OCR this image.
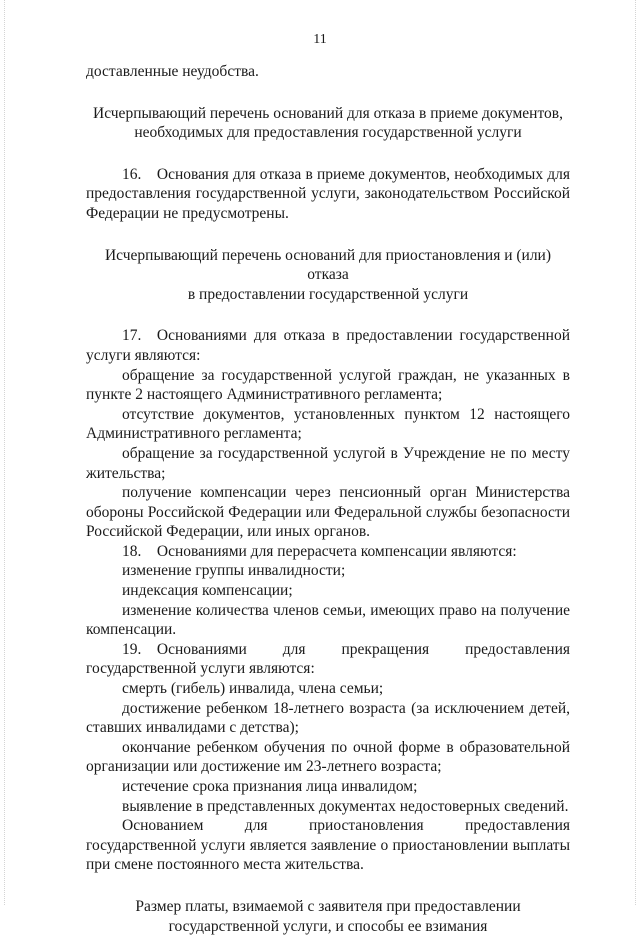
11

доставленные неудобства.

Исчерпывающий перечень оснований для отказа в приеме документов,
необходимых для предоставления государственной услуги

16. Основания для отказа в приеме документов, необходимых для предоставления государственной услуги, законодательством Российской Федерации не предусмотрены.

Исчерпывающий перечень оснований для приостановления и (или) отказа
в предоставлении государственной услуги

17. Основаниями для отказа в предоставлении государственной услуги являются:

обращение за государственной услугой граждан, не указанных в пункте 2 настоящего Административного регламента;

отсутствие документов, установленных пунктом 12 настоящего Административного регламента;

обращение за государственной услугой в Учреждение не по месту жительства;

получение компенсации через пенсионный орган Министерства обороны Российской Федерации или Федеральной службы безопасности Российской Федерации, или иных органов.

18. Основаниями для перерасчета компенсации являются:

изменение группы инвалидности;

индексация компенсации;

изменение количества членов семьи, имеющих право на получение компенсации.

19. Основаниями для прекращения предоставления государственной услуги являются:

смерть (гибель) инвалида, члена семьи;

достижение ребенком 18-летнего возраста (за исключением детей, ставших инвалидами с детства);

окончание ребенком обучения по очной форме в образовательной организации или достижение им 23-летнего возраста;

истечение срока признания лица инвалидом;

выявление в представленных документах недостоверных сведений.

Основанием для приостановления предоставления государственной услуги является заявление о приостановлении выплаты при смене постоянного места жительства.

Размер платы, взимаемой с заявителя при предоставлении
государственной услуги, и способы ее взимания
